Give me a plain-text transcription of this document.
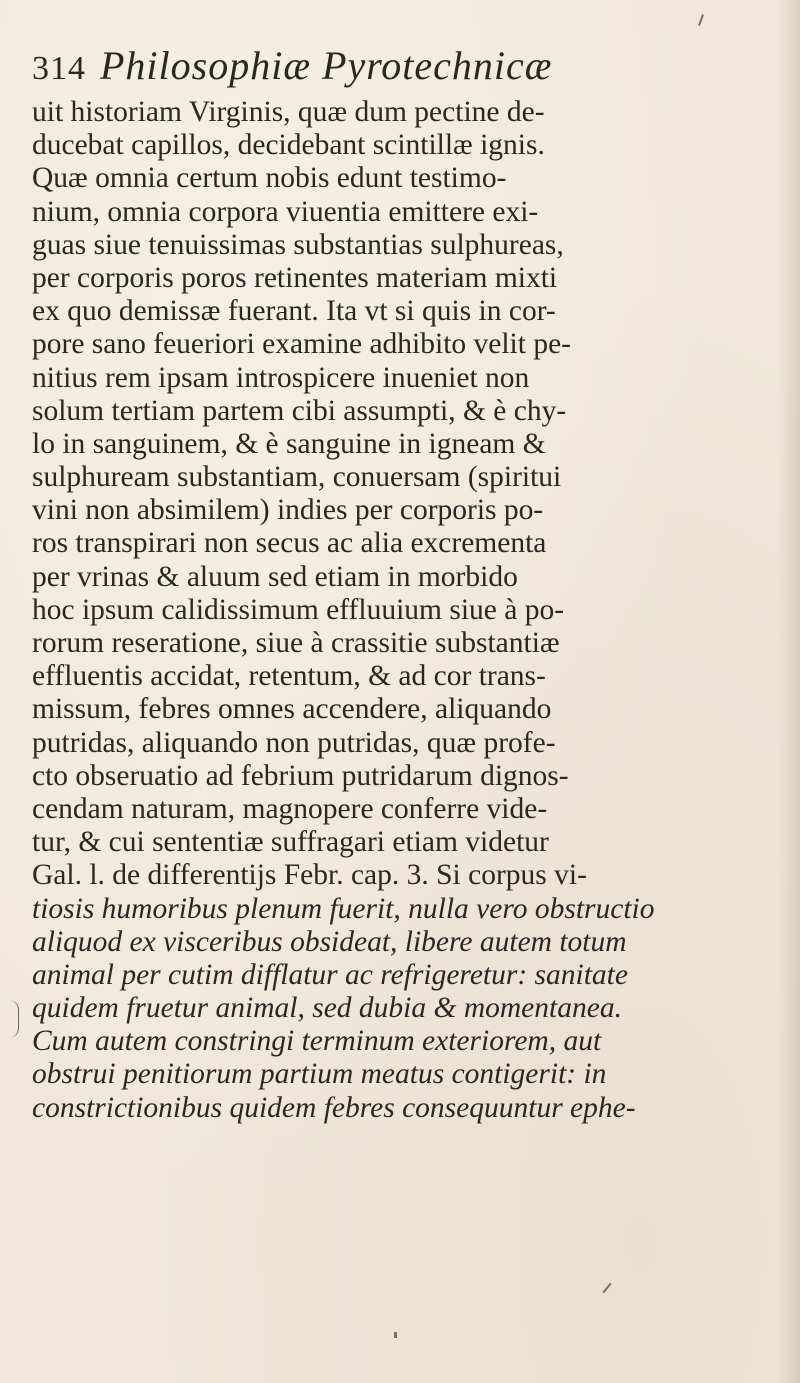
314 Philosophiæ Pyrotechnicæ
uit historiam Virginis, quæ dum pectine de-
ducebat capillos, decidebant scintillæ ignis.
Quæ omnia certum nobis edunt testimo-
nium, omnia corpora viuentia emittere exi-
guas siue tenuissimas substantias sulphureas,
per corporis poros retinentes materiam mixti
ex quo demissæ fuerant. Ita vt si quis in cor-
pore sano feueriori examine adhibito velit pe-
nitius rem ipsam introspicere inueniet non
solum tertiam partem cibi assumpti, & è chy-
lo in sanguinem, & è sanguine in igneam &
sulphuream substantiam, conuersam (spiritui
vini non absimilem) indies per corporis po-
ros transpirari non secus ac alia excrementa
per vrinas & aluum sed etiam in morbido
hoc ipsum calidissimum effluuium siue à po-
rorum reseratione, siue à crassitie substantiæ
effluentis accidat, retentum, & ad cor trans-
missum, febres omnes accendere, aliquando
putridas, aliquando non putridas, quæ profe-
cto obseruatio ad febrium putridarum dignos-
cendam naturam, magnopere conferre vide-
tur, & cui sententiæ suffragari etiam videtur
Gal. l. de differentijs Febr. cap. 3. Si corpus vi-
tiosis humoribus plenum fuerit, nulla vero obstructio
aliquod ex visceribus obsideat, libere autem totum
animal per cutim difflatur ac refrigeretur: sanitate
quidem fruetur animal, sed dubia & momentanea.
Cum autem constringi terminum exteriorem, aut
obstrui penitiorum partium meatus contigerit: in
constrictionibus quidem febres consequuntur ephe-
